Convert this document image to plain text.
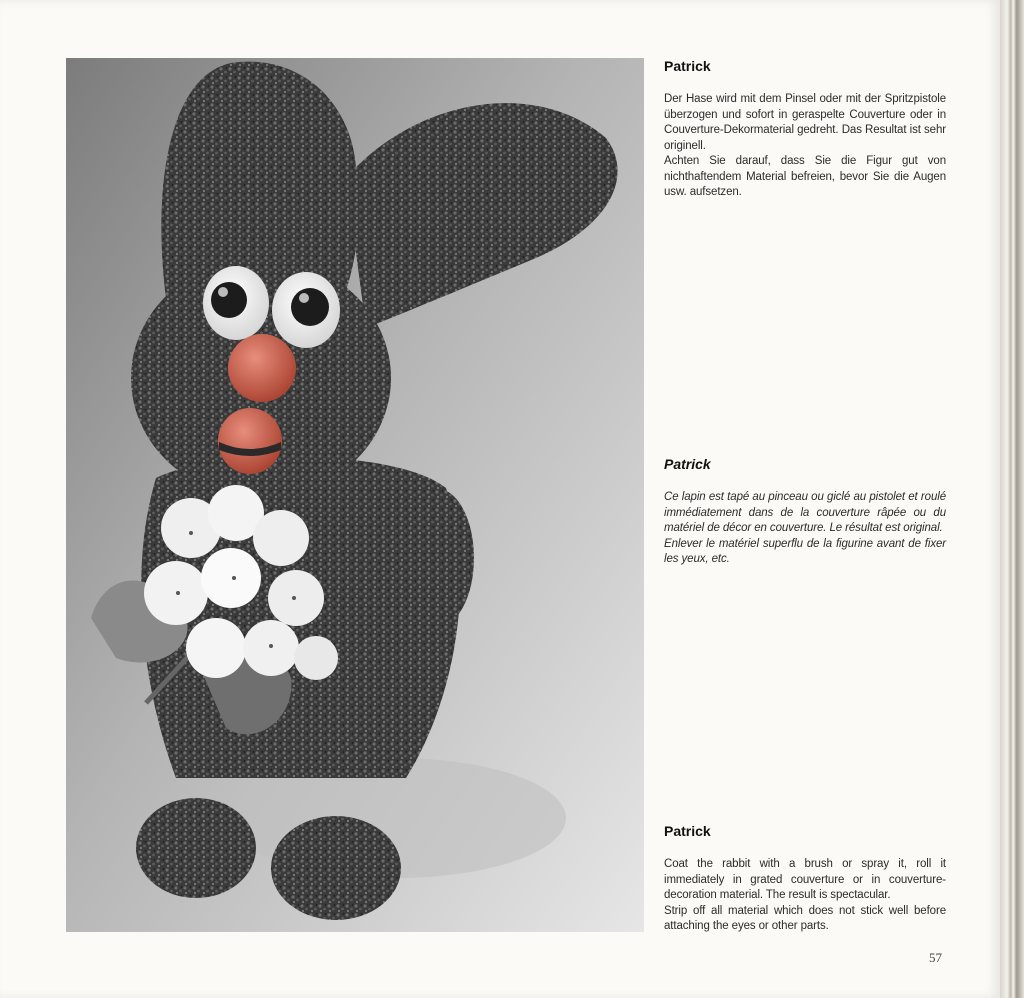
Patrick

Der Hase wird mit dem Pinsel oder mit der Spritzpistole überzogen und sofort in geraspelte Couverture oder in Couverture-Dekormaterial gedreht. Das Resultat ist sehr originell.

Achten Sie darauf, dass Sie die Figur gut von nichthaftendem Material befreien, bevor Sie die Augen usw. aufsetzen.

Patrick

Ce lapin est tapé au pinceau ou giclé au pistolet et roulé immédiatement dans de la couverture râpée ou du matériel de décor en couverture. Le résultat est original.

Enlever le matériel superflu de la figurine avant de fixer les yeux, etc.

Patrick

Coat the rabbit with a brush or spray it, roll it immediately in grated couverture or in couverture-decoration material. The result is spectacular.

Strip off all material which does not stick well before attaching the eyes or other parts.

57
